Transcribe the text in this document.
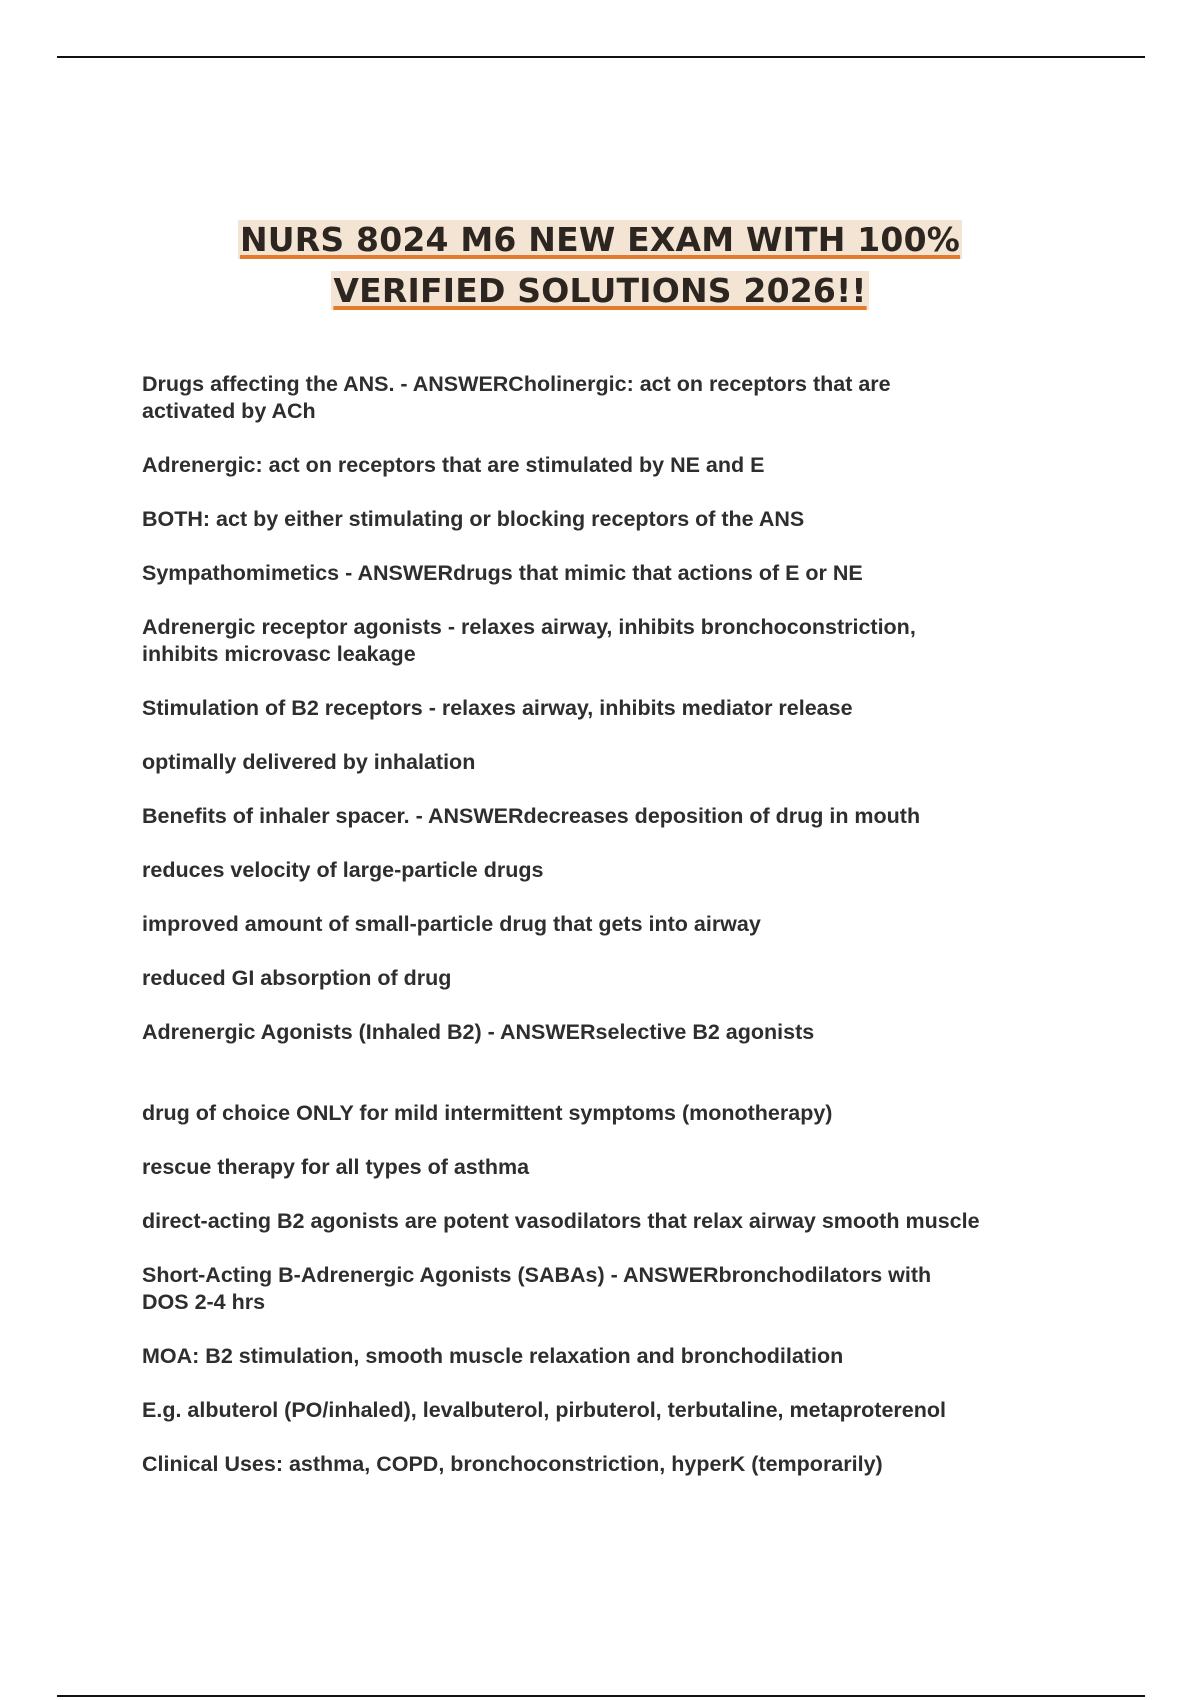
NURS 8024 M6 NEW EXAM WITH 100%
VERIFIED SOLUTIONS 2026!!

Drugs affecting the ANS. - ANSWERCholinergic: act on receptors that are
activated by ACh

Adrenergic: act on receptors that are stimulated by NE and E

BOTH: act by either stimulating or blocking receptors of the ANS

Sympathomimetics - ANSWERdrugs that mimic that actions of E or NE

Adrenergic receptor agonists - relaxes airway, inhibits bronchoconstriction,
inhibits microvasc leakage

Stimulation of B2 receptors - relaxes airway, inhibits mediator release

optimally delivered by inhalation

Benefits of inhaler spacer. - ANSWERdecreases deposition of drug in mouth

reduces velocity of large-particle drugs

improved amount of small-particle drug that gets into airway

reduced GI absorption of drug

Adrenergic Agonists (Inhaled B2) - ANSWERselective B2 agonists

drug of choice ONLY for mild intermittent symptoms (monotherapy)

rescue therapy for all types of asthma

direct-acting B2 agonists are potent vasodilators that relax airway smooth muscle

Short-Acting B-Adrenergic Agonists (SABAs) - ANSWERbronchodilators with
DOS 2-4 hrs

MOA: B2 stimulation, smooth muscle relaxation and bronchodilation

E.g. albuterol (PO/inhaled), levalbuterol, pirbuterol, terbutaline, metaproterenol

Clinical Uses: asthma, COPD, bronchoconstriction, hyperK (temporarily)
